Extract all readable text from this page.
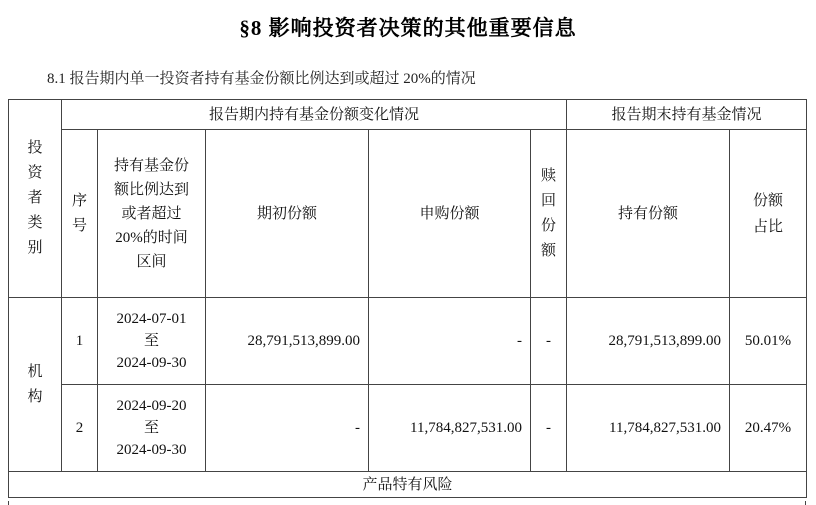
§8 影响投资者决策的其他重要信息
8.1 报告期内单一投资者持有基金份额比例达到或超过 20%的情况
投资者类别	报告期内持有基金份额变化情况					报告期末持有基金情况	

	序号	持有基金份额比例达到或者超过 20%的时间区间	期初份额	申购份额	赎回份额	持有份额	份额占比

机构	1	2024-07-01
至
2024-09-30	28,791,513,899.00	-	-	28,791,513,899.00	50.01%
	2	2024-09-20
至
2024-09-30	-	11,784,827,531.00	-	11,784,827,531.00	20.47%
产品特有风险							
